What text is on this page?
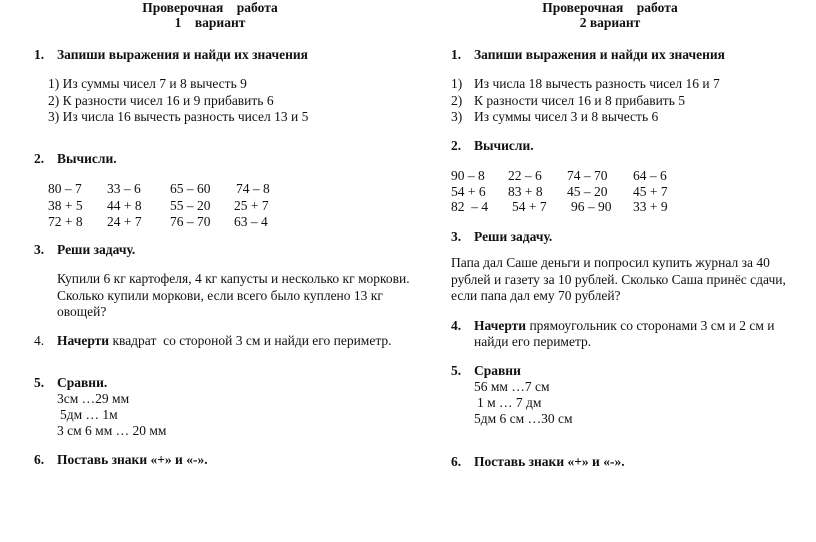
Проверочная    работа
1    вариант
1. Запиши выражения и найди их значения
1) Из суммы чисел 7 и 8 вычесть 9
2) К разности чисел 16 и 9 прибавить 6
3) Из числа 16 вычесть разность чисел 13 и 5
2. Вычисли.
80 – 7 33 – 6 65 – 60 74 – 8
38 + 5 44 + 8 55 – 20 25 + 7
72 + 8 24 + 7 76 – 70 63 – 4
3. Реши задачу.
Купили 6 кг картофеля, 4 кг капусты и несколько кг моркови.
Сколько купили моркови, если всего было куплено 13 кг
овощей?
4. Начерти квадрат  со стороной 3 см и найди его периметр.
5. Сравни.
3см …29 мм
5дм … 1м
3 см 6 мм … 20 мм
6. Поставь знаки «+» и «-».
Проверочная    работа
2 вариант
1. Запиши выражения и найди их значения
1) Из числа 18 вычесть разность чисел 16 и 7
2) К разности чисел 16 и 8 прибавить 5
3) Из суммы чисел 3 и 8 вычесть 6
2. Вычисли.
90 – 8 22 – 6 74 – 70 64 – 6
54 + 6 83 + 8 45 – 20 45 + 7
82  – 4 54 + 7 96 – 90 33 + 9
3. Реши задачу.
Папа дал Саше деньги и попросил купить журнал за 40
рублей и газету за 10 рублей. Сколько Саша принёс сдачи,
если папа дал ему 70 рублей?
4. Начерти прямоугольник со сторонами 3 см и 2 см и
найди его периметр.
5. Сравни
56 мм …7 см
1 м … 7 дм
5дм 6 см …30 см
6. Поставь знаки «+» и «-».
